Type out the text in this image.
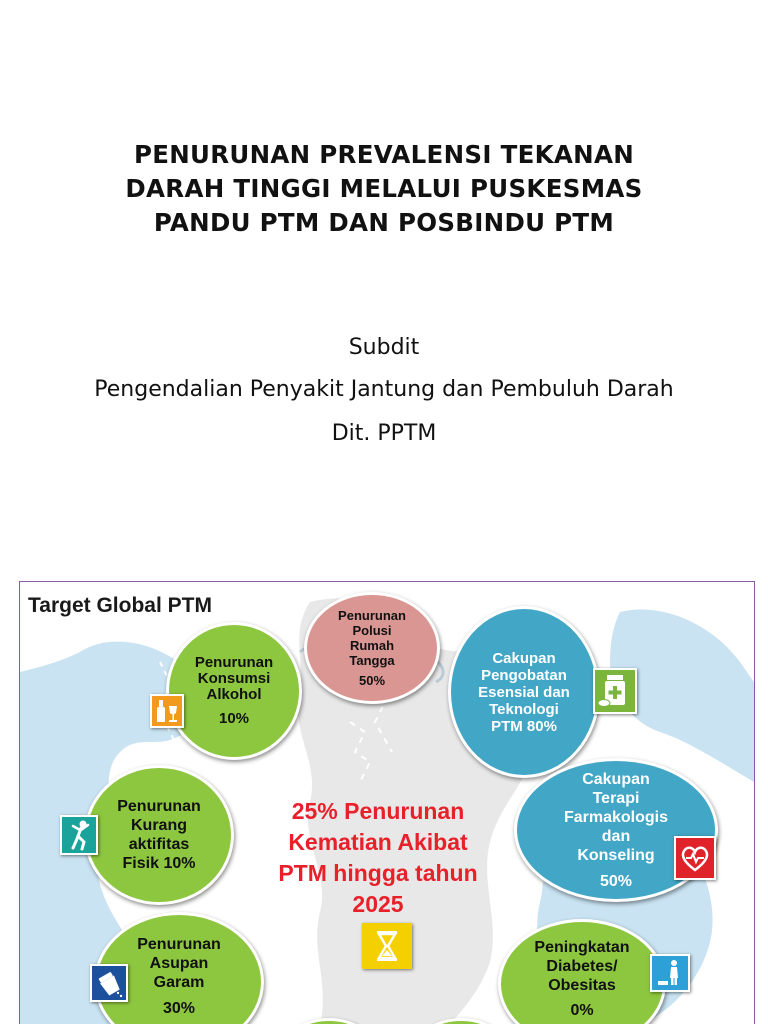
PENURUNAN PREVALENSI TEKANAN
DARAH TINGGI MELALUI PUSKESMAS
PANDU PTM DAN POSBINDU PTM
Subdit
Pengendalian Penyakit Jantung dan Pembuluh Darah
Dit. PPTM
Target Global PTM	Penurunan
Polusi
Rumah
Tangga
50%
Penurunan
Konsumsi
Alkohol
10%
Cakupan
Pengobatan
Esensial dan
Teknologi
PTM 80%
Penurunan
Kurang
aktifitas
Fisik 10%
Cakupan
Terapi
Farmakologis
dan
Konseling
50%
25% Penurunan
Kematian Akibat
PTM hingga tahun
2025
Penurunan
Asupan
Garam
30%
Peningkatan
Diabetes/
Obesitas
0%
